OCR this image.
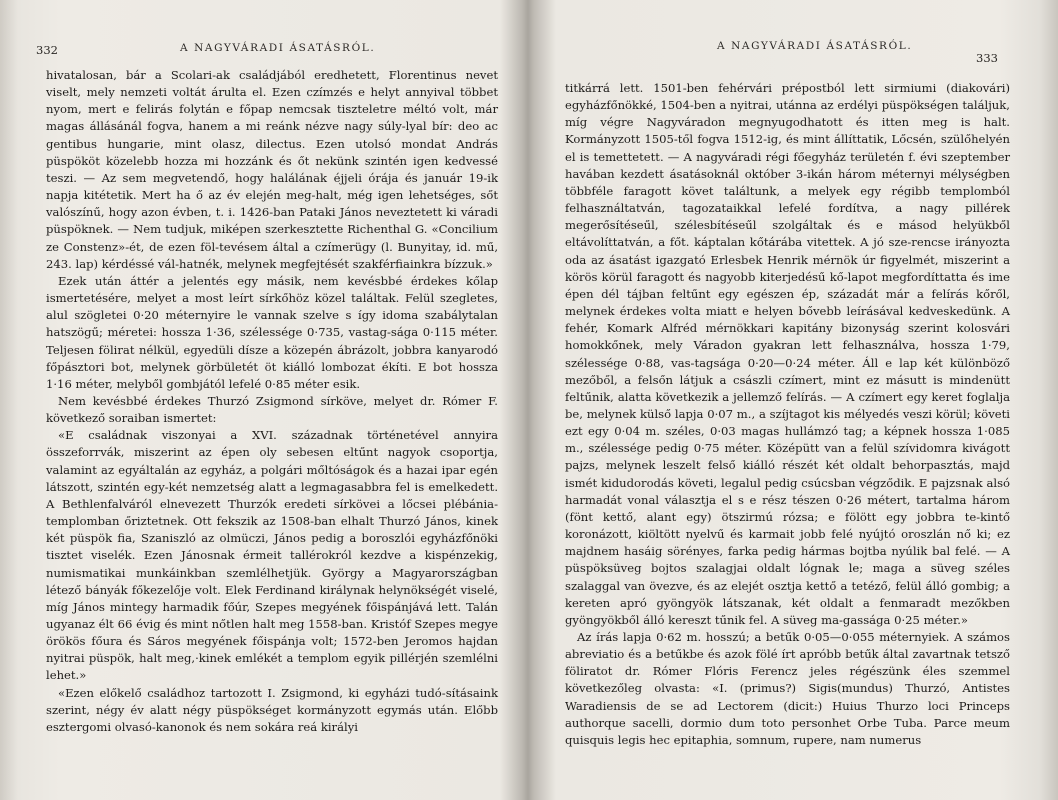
332	A NAGYVÁRADI ÁSATÁSRÓL.

hivatalosan, bár a Scolari-ak családjából eredhetett, Florentinus nevet viselt, mely nemzeti voltát árulta el. Ezen czímzés e helyt annyival többet nyom, mert e felirás folytán e főpap nemcsak tiszteletre méltó volt, már magas állásánál fogva, hanem a mi reánk nézve nagy súly-lyal bír: deo ac gentibus hungarie, mint olasz, dilectus. Ezen utolsó mondat András püspököt közelebb hozza mi hozzánk és őt nekünk szintén igen kedvessé teszi. — Az sem megvetendő, hogy halálának éjjeli órája és január 19-ik napja kitétetik. Mert ha ő az év elején meg-halt, még igen lehetséges, sőt valószínű, hogy azon évben, t. i. 1426-ban Pataki János neveztetett ki váradi püspöknek. — Nem tudjuk, miképen szerkesztette Richenthal G. «Concilium ze Constenz»-ét, de ezen föl-tevésem által a czímerügy (l. Bunyitay, id. mű, 243. lap) kérdéssé vál-hatnék, melynek megfejtését szakférfiainkra bízzuk.»

Ezek után áttér a jelentés egy másik, nem kevésbbé érdekes kőlap ismertetésére, melyet a most leírt sírkőhöz közel találtak. Felül szegletes, alul szögletei 0·20 méternyire le vannak szelve s így idoma szabálytalan hatszögű; méretei: hossza 1·36, szélessége 0·735, vastag-sága 0·115 méter. Teljesen fölirat nélkül, egyedüli dísze a közepén ábrázolt, jobbra kanyarodó főpásztori bot, melynek görbületét öt kiálló lombozat ékíti. E bot hossza 1·16 méter, melyből gombjától lefelé 0·85 méter esik.

Nem kevésbbé érdekes Thurzó Zsigmond sírköve, melyet dr. Rómer F. következő soraiban ismertet:

«E családnak viszonyai a XVI. századnak történetével annyira összeforrvák, miszerint az épen oly sebesen eltűnt nagyok csoportja, valamint az egyáltalán az egyház, a polgári mőltóságok és a hazai ipar egén látszott, szintén egy-két nemzetség alatt a legmagasabbra fel is emelkedett. A Bethlenfalváról elnevezett Thurzók eredeti sírkövei a lőcsei plébánia-templomban őriztetnek. Ott fekszik az 1508-ban elhalt Thurzó János, kinek két püspök fia, Szaniszló az olmüczi, János pedig a boroszlói egyházfőnöki tisztet viselék. Ezen Jánosnak érmeit tallérokról kezdve a kispénzekig, numismatikai munkáinkban szemlélhetjük. György a Magyarországban létező bányák főkezelője volt. Elek Ferdinand királynak helynökségét viselé, míg János mintegy harmadik főúr, Szepes megyének főispánjává lett. Talán ugyanaz élt 66 évig és mint nőtlen halt meg 1558-ban. Kristóf Szepes megye örökös főura és Sáros megyének főispánja volt; 1572-ben Jeromos hajdan nyitrai püspök, halt meg,·kinek emlékét a templom egyik pillérjén szemlélni lehet.»

«Ezen előkelő családhoz tartozott I. Zsigmond, ki egyházi tudó-sításaink szerint, négy év alatt négy püspökséget kormányzott egymás után. Előbb esztergomi olvasó-kanonok és nem sokára reá királyi

A NAGYVÁRADI ÁSATÁSRÓL.
333

titkárrá lett. 1501-ben fehérvári prépostból lett sirmiumi (diakovári) egyházfőnökké, 1504-ben a nyitrai, utánna az erdélyi püspökségen találjuk, míg végre Nagyváradon megnyugodhatott és itten meg is halt. Kormányzott 1505-től fogva 1512-ig, és mint állíttatik, Lőcsén, szülőhelyén el is temettetett. — A nagyváradi régi főegyház területén f. évi szeptember havában kezdett ásatásoknál október 3-ikán három méternyi mélységben többféle faragott követ találtunk, a melyek egy régibb templomból felhasználtatván, tagozataikkal lefelé fordítva, a nagy pillérek megerősítéseűl, szélesbítéseűl szolgáltak és e másod helyükből eltávolíttatván, a főt. káptalan kőtárába vitettek. A jó sze-rencse irányozta oda az ásatást igazgató Erlesbek Henrik mérnök úr figyelmét, miszerint a körös körül faragott és nagyobb kiterjedésű kő-lapot megfordíttatta és ime épen dél tájban feltűnt egy egészen ép, századát már a felírás kőről, melynek érdekes volta miatt e helyen bővebb leírásával kedveskedünk. A fehér, Komark Alfréd mérnökkari kapitány bizonyság szerint kolosvári homokkőnek, mely Váradon gyakran lett felhasználva, hossza 1·79, szélessége 0·88, vas-tagsága 0·20—0·24 méter. Áll e lap két különböző mezőből, a felsőn látjuk a császli czímert, mint ez másutt is mindenütt feltűnik, alatta következik a jellemző felírás. — A czímert egy keret foglalja be, melynek külső lapja 0·07 m., a szíjtagot kis mélyedés veszi körül; követi ezt egy 0·04 m. széles, 0·03 magas hullámzó tag; a képnek hossza 1·085 m., szélessége pedig 0·75 méter. Középütt van a felül szívidomra kivágott pajzs, melynek leszelt felső kiálló részét két oldalt behorpasztás, majd ismét kidudorodás követi, legalul pedig csúcsban végződik. E pajzsnak alsó harmadát vonal választja el s e rész tészen 0·26 métert, tartalma három (fönt kettő, alant egy) ötszirmú rózsa; e fölött egy jobbra te-kintő koronázott, kiöltött nyelvű és karmait jobb felé nyújtó oroszlán nő ki; ez majdnem hasáig sörényes, farka pedig hármas bojtba nyúlik bal felé. — A püspöksüveg bojtos szalagjai oldalt lógnak le; maga a süveg széles szalaggal van övezve, és az elejét osztja kettő a tetéző, felül álló gombig; a kereten apró gyöngyök látszanak, két oldalt a fenmaradt mezőkben gyöngyökből álló kereszt tűnik fel. A süveg ma-gassága 0·25 méter.»

Az írás lapja 0·62 m. hosszú; a betűk 0·05—0·055 méternyiek. A számos abreviatio és a betűkbe és azok fölé írt apróbb betűk által zavartnak tetsző föliratot dr. Rómer Flóris Ferencz jeles régészünk éles szemmel következőleg olvasta: «I. (primus?) Sigis(mundus) Thurzó, Antistes Waradiensis de se ad Lectorem (dicit:) Huius Thurzo loci Princeps authorque sacelli, dormio dum toto personhet Orbe Tuba. Parce meum quisquis legis hec epitaphia, somnum, rupere, nam numerus
